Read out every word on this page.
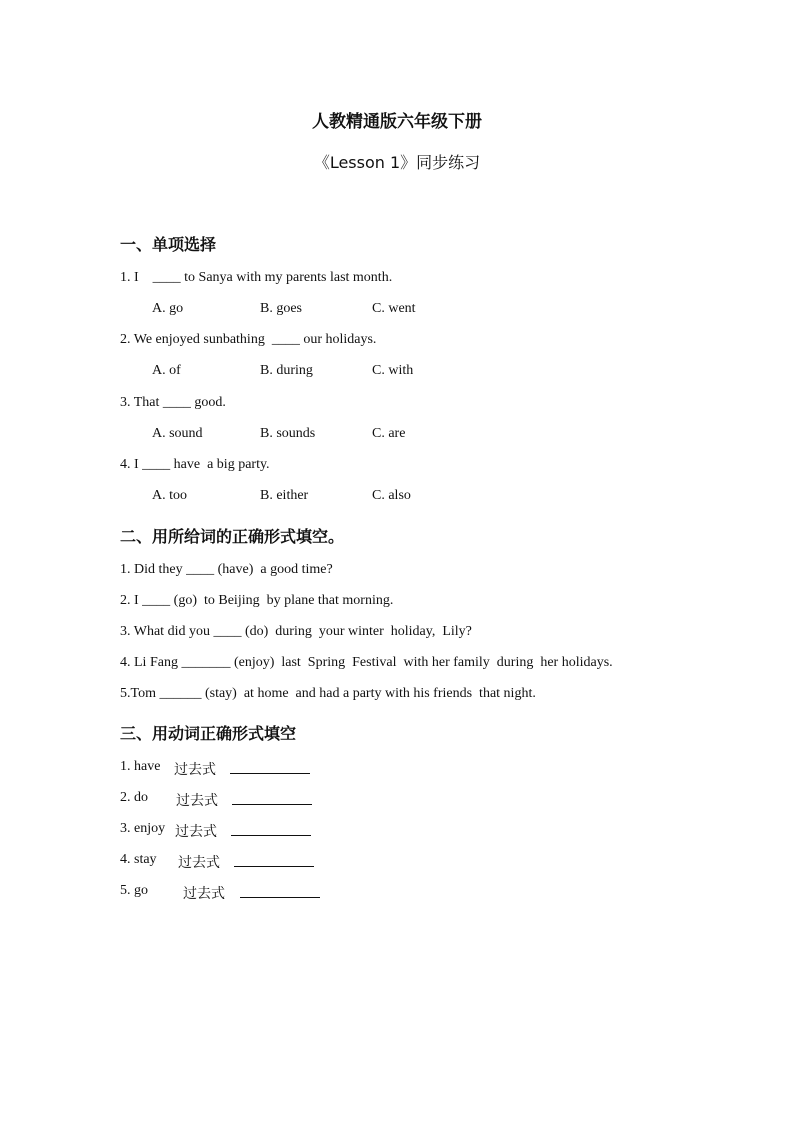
人教精通版六年级下册
《Lesson 1》同步练习
一、单项选择
1. I    ____ to Sanya with my parents last month.
A. go	B. goes	C. went
2. We enjoyed sunbathing  ____ our holidays.
A. of	B. during	C. with
3. That ____ good.
A. sound	B. sounds	C. are
4. I ____ have  a big party.
A. too	B. either	C. also
二、用所给词的正确形式填空。
1. Did they ____ (have)  a good time?
2. I ____ (go)  to Beijing  by plane that morning.
3. What did you ____ (do)  during  your winter  holiday,  Lily?
4. Li Fang _______ (enjoy)  last  Spring  Festival  with her family  during  her holidays.
5.Tom ______ (stay)  at home  and had a party with his friends  that night.
三、用动词正确形式填空
1. have 过去式
2. do 过去式
3. enjoy 过去式
4. stay 过去式
5. go	过去式
